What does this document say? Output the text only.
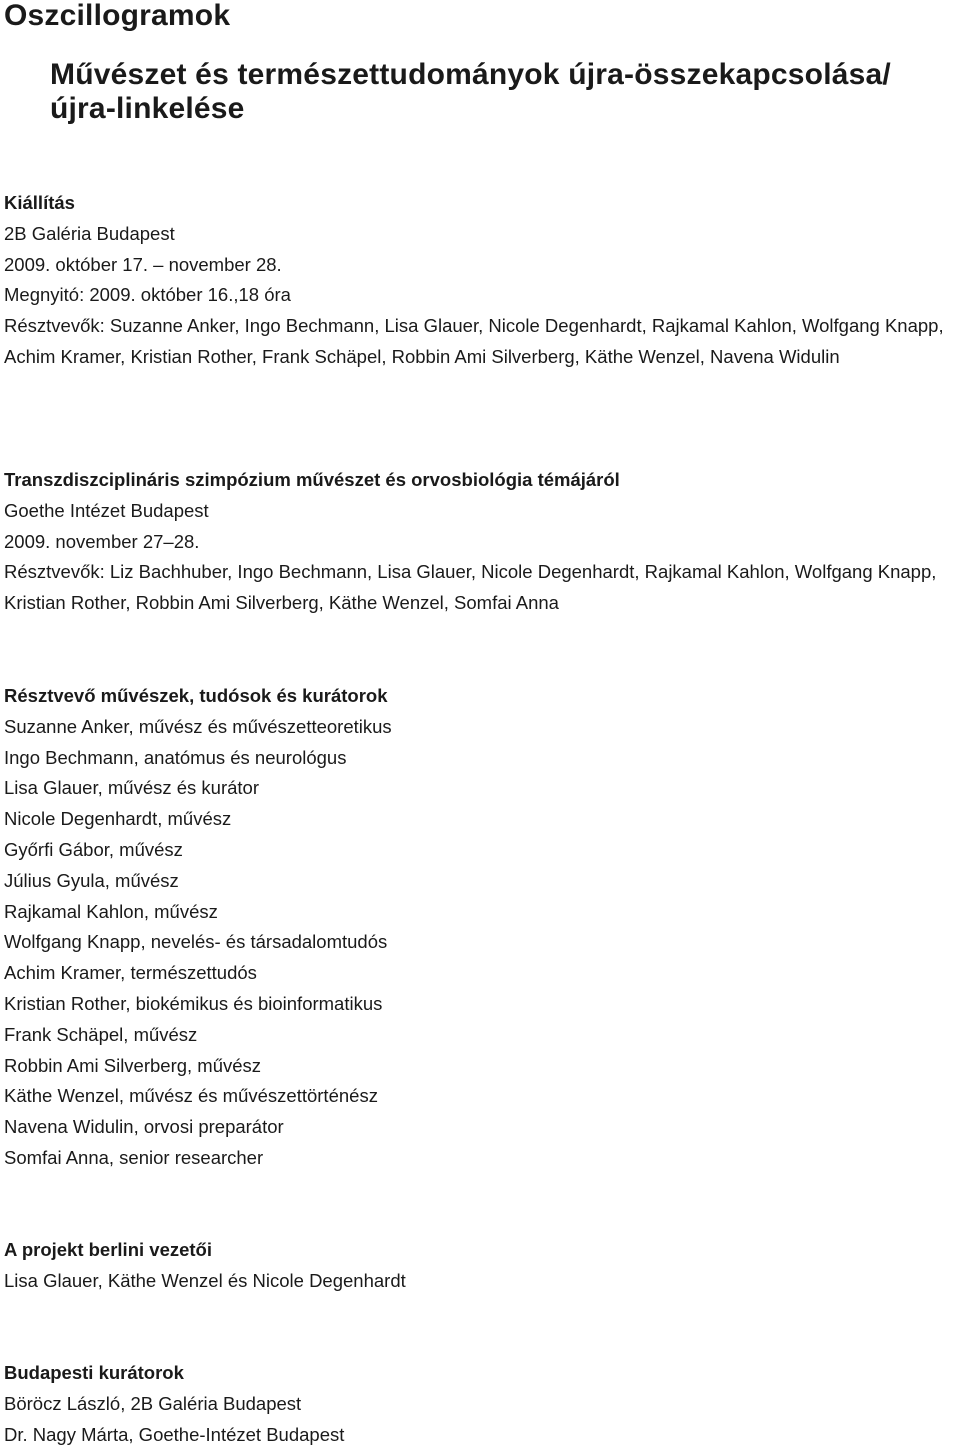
Oszcillogramok
Művészet és természettudományok újra-összekapcsolása/ újra-linkelése
Kiállítás
2B Galéria Budapest
2009. október 17. – november 28.
Megnyitó: 2009. október 16.,18 óra
Résztvevők: Suzanne Anker, Ingo Bechmann, Lisa Glauer, Nicole Degenhardt, Rajkamal Kahlon, Wolfgang Knapp, Achim Kramer, Kristian Rother, Frank Schäpel, Robbin Ami Silverberg, Käthe Wenzel, Navena Widulin
Transzdiszciplináris szimpózium művészet és orvosbiológia témájáról
Goethe Intézet Budapest
2009. november 27–28.
Résztvevők: Liz Bachhuber, Ingo Bechmann, Lisa Glauer, Nicole Degenhardt, Rajkamal Kahlon, Wolfgang Knapp, Kristian Rother, Robbin Ami Silverberg, Käthe Wenzel, Somfai Anna
Résztvevő művészek, tudósok és kurátorok
Suzanne Anker, művész és művészetteoretikus
Ingo Bechmann, anatómus és neurológus
Lisa Glauer, művész és kurátor
Nicole Degenhardt, művész
Győrfi Gábor, művész
Július Gyula, művész
Rajkamal Kahlon, művész
Wolfgang Knapp, nevelés- és társadalomtudós
Achim Kramer, természettudós
Kristian Rother, biokémikus és bioinformatikus
Frank Schäpel, művész
Robbin Ami Silverberg, művész
Käthe Wenzel, művész és művészettörténész
Navena Widulin, orvosi preparátor
Somfai Anna, senior researcher
A projekt berlini vezetői
Lisa Glauer, Käthe Wenzel és Nicole Degenhardt
Budapesti kurátorok
Böröcz László, 2B Galéria Budapest
Dr. Nagy Márta, Goethe-Intézet Budapest
